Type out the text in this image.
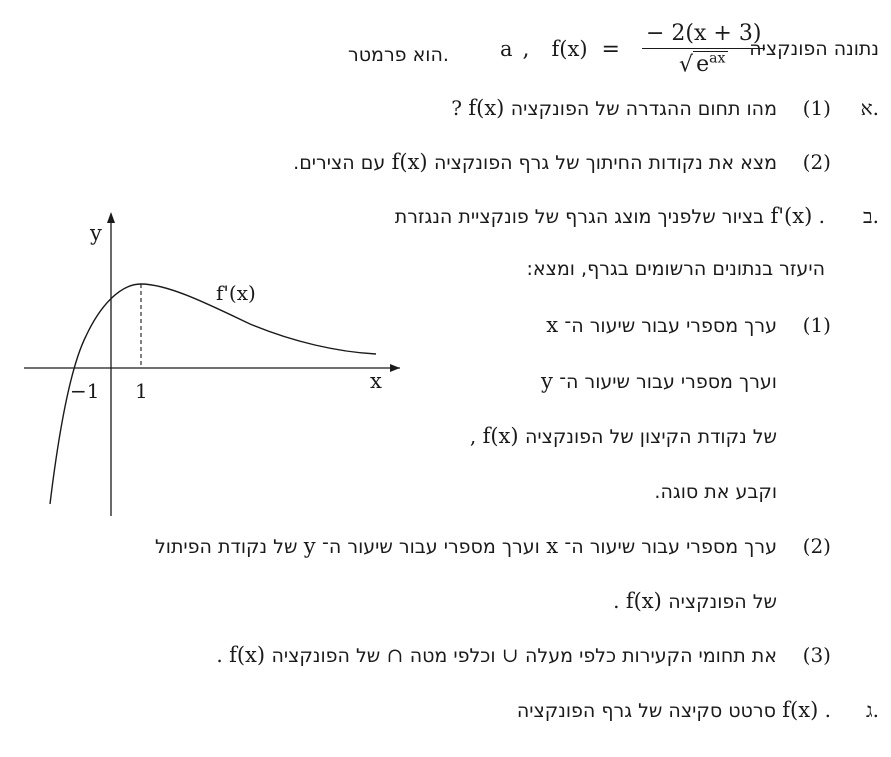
נתונה הפונקציה
a , $f(x) = \frac{- 2(x + 3)}{√ e^{ax}}$
הוא פרמטר.
א.
(1)
מהו תחום ההגדרה של הפונקציה f(x) ?
(2)
מצא את נקודות החיתוך של גרף הפונקציה f(x) עם הצירים.
ב.
בציור שלפניך מוצג הגרף של פונקציית הנגזרת f'(x) .
היעזר בנתונים הרשומים בגרף, ומצא:
(1)
ערך מספרי עבור שיעור ה־ x
וערך מספרי עבור שיעור ה־ y
של נקודת הקיצון של הפונקציה f(x) ,
וקבע את סוגה.
(2)
ערך מספרי עבור שיעור ה־ x וערך מספרי עבור שיעור ה־ y של נקודת הפיתול
של הפונקציה f(x) .
(3)
את תחומי הקעירות כלפי מעלה ∪ וכלפי מטה ∩ של הפונקציה f(x) .
ג.
סרטט סקיצה של גרף הפונקציה f(x) .
y
x
f'(x)
−1 1
